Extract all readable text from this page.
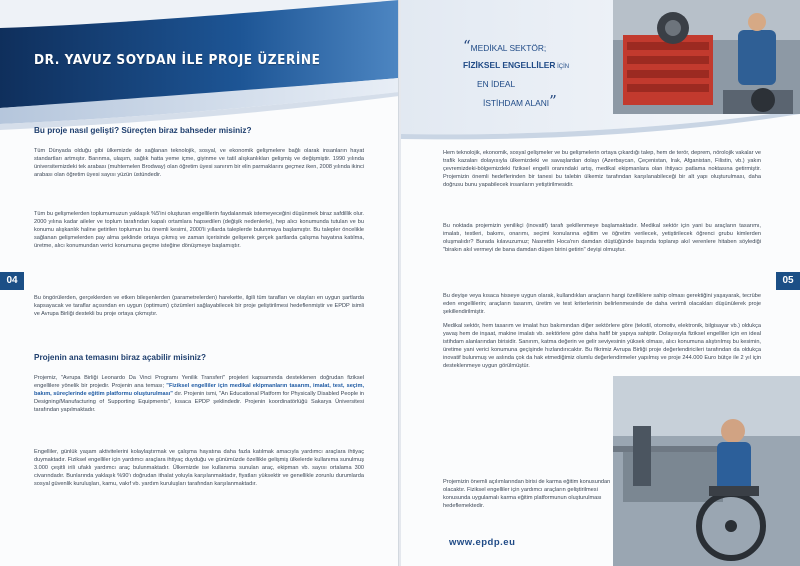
DR. YAVUZ SOYDAN İLE PROJE ÜZERİNE
04
Bu proje nasıl gelişti? Süreçten biraz bahseder misiniz?
Tüm Dünyada olduğu gibi ülkemizde de sağlanan teknolojik, sosyal, ve ekonomik gelişmelere bağlı olarak insanların hayat standartları artmıştır. Barınma, ulaşım, sağlık hatta yeme içme, giyinme ve tatil alışkanlıkları gelişmiş ve değişmiştir. 1990 yılında üniversitemizdeki tek arabası (muhtemelen Brodway) olan öğretim üyesi sanırım bir elin parmaklarını geçmez iken, 2008 yılında ikinci arabası olan öğretim üyesi sayısı yüzün üstündedir.
Tüm bu gelişmelerden toplumumuzun yaklaşık %5'ini oluşturan engellilerin faydalanmak istemeyeceğini düşünmek biraz safdillik olur. 2000 yılına kadar aileler ve toplum tarafından kapalı ortamlara hapsedilen (değişik nedenlerle), hep alıcı konumunda tutulan ve bu konumu alışkanlık haline getirilen toplumun bu önemli kesimi, 2000'li yıllarda taleplerde bulunmaya başlamıştır. Bu talepler öncelikle sağlanan gelişmelerden pay alma şeklinde ortaya çıkmış ve zaman içerisinde gelişerek gerçek şartlarda çalışma hayatına katılma, üretme, alıcı konumundan verici konumuna geçme isteğine dönüşmeye başlamıştır.
Bu öngörülerden, gerçeklerden ve etken bileşenlerden (parametrelerden) harekette, ilgili tüm tarafları ve olayları en uygun şartlarda kapsayacak ve taraflar açısından en uygun (optimum) çözümleri sağlayabilecek bir proje geliştirilmesi hedeflenmiştir ve EPDP isimli ve Avrupa Birliği destekli bu proje ortaya çıkmıştır.
Projenin ana temasını biraz açabilir misiniz?
Projemiz, "Avrupa Birliği Leonardo Da Vinci Programı Yenilik Transferi" projeleri kapsamında desteklenen doğrudan fiziksel engellilere yönelik bir projedir. Projenin ana teması; "Fiziksel engelliler için medikal ekipmanların tasarım, imalat, test, seçim, bakım, süreçlerinde eğitim platformu oluşturulması" dır. Projenin ismi, "An Educational Platform for Physically Disabled People in Designing/Manufacturing of Supporting Equipments", kısaca EPDP şeklindedir. Projenin koordinatörlüğü Sakarya Üniversitesi tarafından yapılmaktadır.
Engelliler, günlük yaşam aktivitelerini kolaylaştırmak ve çalışma hayatına daha fazla katılmak amacıyla yardımcı araçlara ihtiyaç duymaktadır. Fiziksel engelliler için yardımcı araçlara ihtiyaç duyduğu ve günümüzde özellikle gelişmiş ülkelerde kullanıma sunulmuş 3.000 çeşitli irili ufaklı yardımcı araç bulunmaktadır. Ülkemizde ise kullanıma sunulan araç, ekipman vb. sayısı ortalama 300 civarındadır. Bunlarında yaklaşık %90'ı doğrudan ithalat yoluyla karşılanmaktadır, fiyatları yüksektir ve genellikle zorunlu durumlarda sosyal güvenlik kuruluşları, kamu, vakıf vb. yardım kuruluşları tarafından karşılanmaktadır.
“MEDİKAL SEKTÖR;
FİZİKSEL ENGELLİLER İÇİN
EN İDEAL
İSTİHDAM ALANI”
Hem teknolojik, ekonomik, sosyal gelişmeler ve bu gelişmelerin ortaya çıkardığı talep, hem de terör, deprem, nörolojik vakalar ve trafik kazaları dolayısıyla ülkemizdeki ve savaşlardan dolayı (Azerbaycan, Çeçenistan, Irak, Afganistan, Filistin, vb.) yakın çevremizdeki-bölgemizdeki fiziksel engelli oranındaki artış, medikal ekipmanlara olan ihtiyacı patlama noktasına getirmiştir. Projemizin önemli hedeflerinden bir tanesi bu talebin ülkemiz tarafından karşılanabileceği bir alt yapı oluşturulması, daha doğrusu bunu yapabilecek insanların yetiştirilmesidir.
Bu noktada projemizin yenilikçi (inovatif) tarafı şekillenmeye başlamaktadır. Medikal sektör için yani bu araçların tasarımı, imalatı, testleri, bakımı, onarımı, seçimi konularına eğitim ve öğretim verilecek, yetiştirilecek öğrenci grubu kimlerden oluşmalıdır? Burada kılavuzumuz; Nasrettin Hoca'nın damdan düştüğünde başında toplanıp akıl verenlere hitaben söylediği "birakın akıl vermeyi de bana damdan düşen birini getirin" deyişi olmuştur.
Bu deyişe veya kısaca hisseye uygun olarak, kullandıkları araçların hangi özelliklere sahip olması gerektiğini yaşayarak, tecrübe eden engellilerin; araçların tasarım, üretim ve test kriterlerinin belirlenmesinde de daha verimli olacakları düşünülerek proje şekillendirilmiştir.
Medikal sektör, hem tasarım ve imalat hızı bakımından diğer sektörlere göre (tekstil, otomotiv, elektronik, bilgisayar vb.) oldukça yavaş hem de inşaat, makine imalatı vb. sektörlere göre daha hafif bir yapıya sahiptir. Dolayısıyla fiziksel engelliler için en ideal istihdam alanlarından birisidir. Sanırım, katma değerin ve gelir seviyesinin yüksek olması, alıcı konumuna alıştırılmış bu kesimin, üretime yani verici konumuna geçişinde hızlandırıcaktır. Bu fikrimiz Avrupa Birliği proje değerlendiricileri tarafından da oldukça inovatif bulunmuş ve aslında çok da hak etmediğimiz olumlu değerlendirmeler yapılmış ve proje 244.000 Euro bütçe ile 2 yıl için desteklenmeye uygun görülmüştür.
Projemizin önemli açılımlarından birisi de karma eğitim konusundan olacaktır. Fiziksel engelliler için yardımcı araçların geliştirilmesi konusunda uygulamalı karma eğitim platformunun oluşturulması hedeflemektedir.
www.epdp.eu
05
